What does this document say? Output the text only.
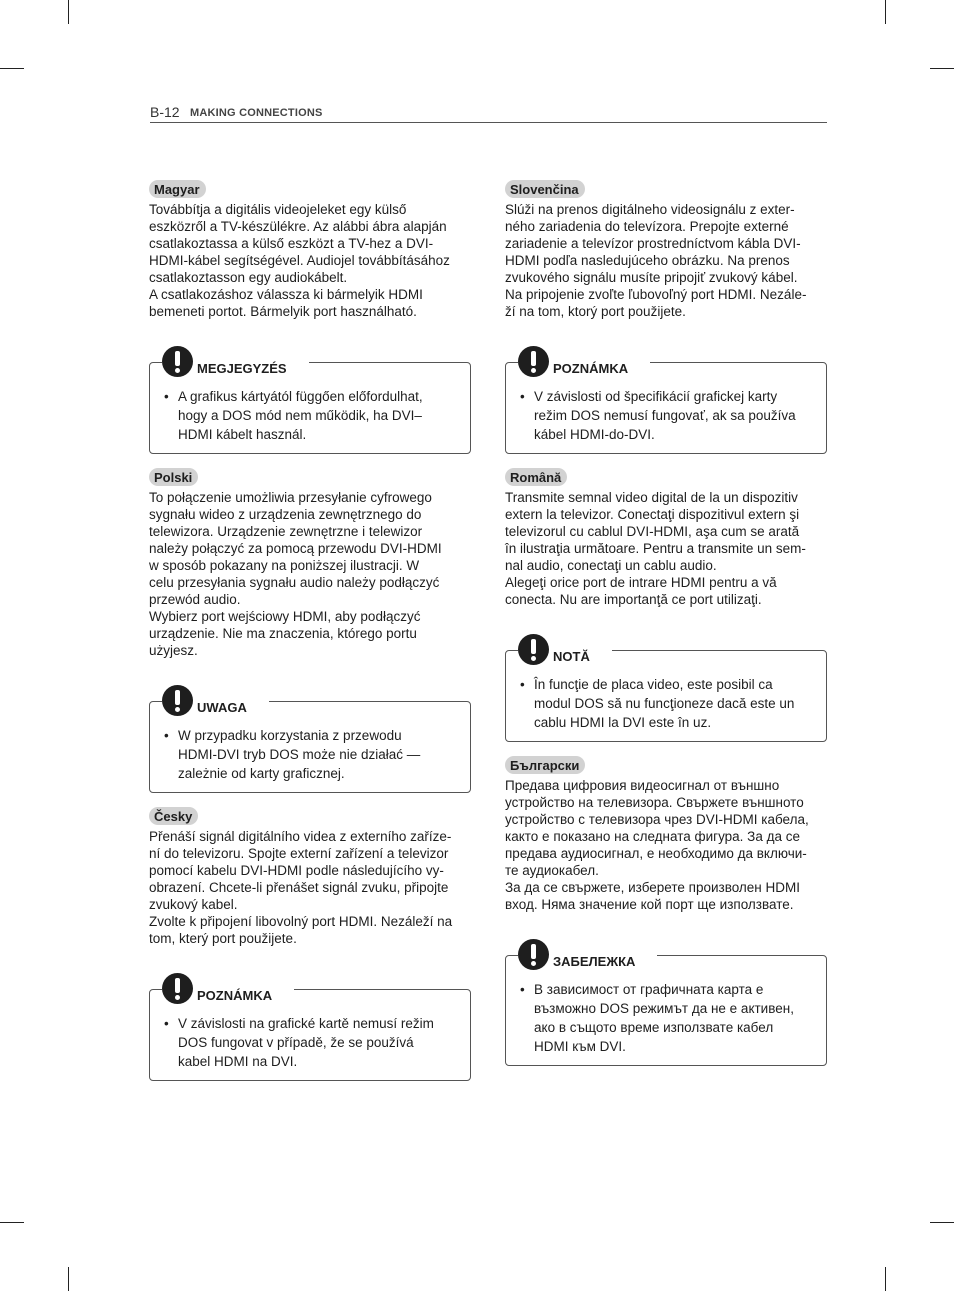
B-12 MAKING CONNECTIONS
Magyar

Továbbítja a digitális videojeleket egy külső
eszközről a TV-készülékre. Az alábbi ábra alapján
csatlakoztassa a külső eszközt a TV-hez a DVI-
HDMI-kábel segítségével. Audiojel továbbításához
csatlakoztasson egy audiokábelt.
A csatlakozáshoz válassza ki bármelyik HDMI
bemeneti portot. Bármelyik port használható.

MEGJEGYZÉS
• A grafikus kártyától függően előfordulhat,
hogy a DOS mód nem működik, ha DVI–
HDMI kábelt használ.
Polski

To połączenie umożliwia przesyłanie cyfrowego
sygnału wideo z urządzenia zewnętrznego do
telewizora. Urządzenie zewnętrzne i telewizor
należy połączyć za pomocą przewodu DVI-HDMI
w sposób pokazany na poniższej ilustracji. W
celu przesyłania sygnału audio należy podłączyć
przewód audio.
Wybierz port wejściowy HDMI, aby podłączyć
urządzenie. Nie ma znaczenia, którego portu
użyjesz.

UWAGA
• W przypadku korzystania z przewodu
HDMI-DVI tryb DOS może nie działać —
zależnie od karty graficznej.
Česky

Přenáší signál digitálního videa z externího zaříze-
ní do televizoru. Spojte externí zařízení a televizor
pomocí kabelu DVI-HDMI podle následujícího vy-
obrazení. Chcete-li přenášet signál zvuku, připojte
zvukový kabel.
Zvolte k připojení libovolný port HDMI. Nezáleží na
tom, který port použijete.

POZNÁMKA
• V závislosti na grafické kartě nemusí režim
DOS fungovat v případě, že se používá
kabel HDMI na DVI.
Slovenčina

Slúži na prenos digitálneho videosignálu z exter-
ného zariadenia do televízora. Prepojte externé
zariadenie a televízor prostredníctvom kábla DVI-
HDMI podľa nasledujúceho obrázku. Na prenos
zvukového signálu musíte pripojiť zvukový kábel.
Na pripojenie zvoľte ľubovoľný port HDMI. Nezále-
ží na tom, ktorý port použijete.

POZNÁMKA
• V závislosti od špecifikácií grafickej karty
režim DOS nemusí fungovať, ak sa používa
kábel HDMI-do-DVI.
Română

Transmite semnal video digital de la un dispozitiv
extern la televizor. Conectaţi dispozitivul extern şi
televizorul cu cablul DVI-HDMI, aşa cum se arată
în ilustraţia următoare. Pentru a transmite un sem-
nal audio, conectaţi un cablu audio.
Alegeţi orice port de intrare HDMI pentru a vă
conecta. Nu are importanţă ce port utilizaţi.

NOTĂ
• În funcţie de placa video, este posibil ca
modul DOS să nu funcţioneze dacă este un
cablu HDMI la DVI este în uz.
Български

Предава цифровия видеосигнал от външно
устройство на телевизора. Свържете външното
устройство с телевизора чрез DVI-HDMI кабела,
както е показано на следната фигура. За да се
предава аудиосигнал, е необходимо да включи-
те аудиокабел.
За да се свържете, изберете произволен HDMI
вход. Няма значение кой порт ще използвате.

ЗАБЕЛЕЖКА
• В зависимост от графичната карта е
възможно DOS режимът да не е активен,
ако в същото време използвате кабел
HDMI към DVI.
